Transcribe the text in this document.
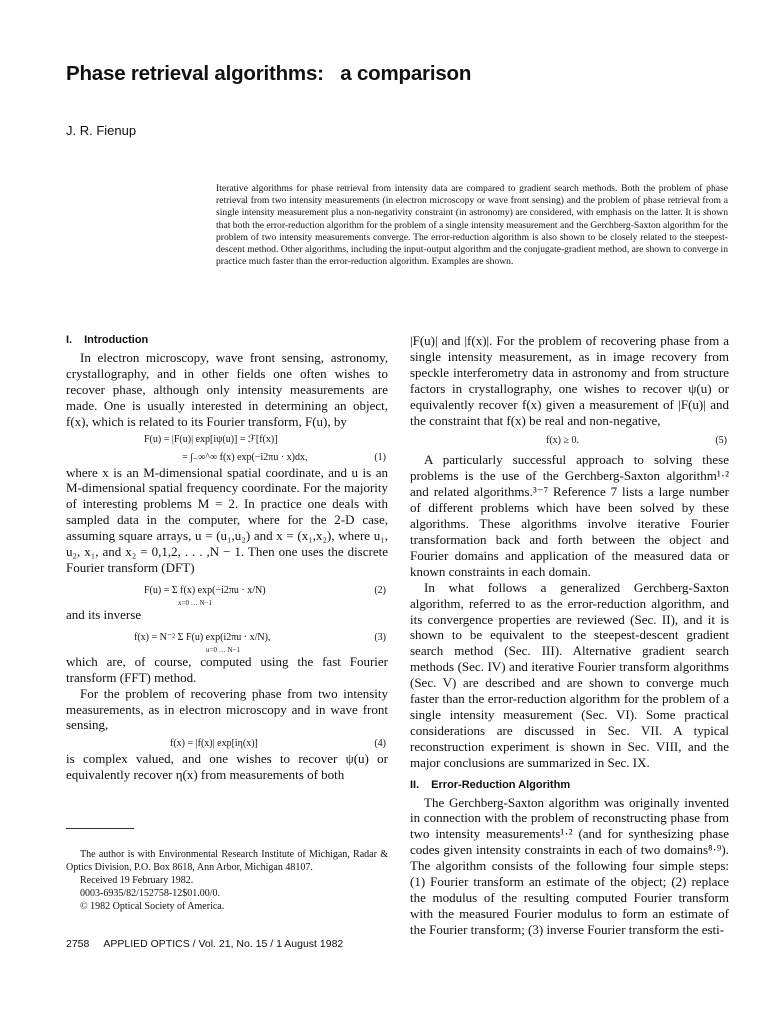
Phase retrieval algorithms:   a comparison
J. R. Fienup
Iterative algorithms for phase retrieval from intensity data are compared to gradient search methods. Both the problem of phase retrieval from two intensity measurements (in electron microscopy or wave front sensing) and the problem of phase retrieval from a single intensity measurement plus a non-negativity constraint (in astronomy) are considered, with emphasis on the latter. It is shown that both the error-reduction algorithm for the problem of a single intensity measurement and the Gerchberg-Saxton algorithm for the problem of two intensity measurements converge. The error-reduction algorithm is also shown to be closely related to the steepest-descent method. Other algorithms, including the input-output algorithm and the conjugate-gradient method, are shown to converge in practice much faster than the error-reduction algorithm. Examples are shown.
I. Introduction

In electron microscopy, wave front sensing, astronomy, crystallography, and in other fields one often wishes to recover phase, although only intensity measurements are made. One is usually interested in determining an object, f(x), which is related to its Fourier transform, F(u), by

F(u) = |F(u)| exp[iψ(u)] = ℱ[f(x)]
= ∫₋∞^∞ f(x) exp(−i2πu · x)dx,	(1)

where x is an M-dimensional spatial coordinate, and u is an M-dimensional spatial frequency coordinate. For the majority of interesting problems M = 2. In practice one deals with sampled data in the computer, where for the 2-D case, assuming square arrays, u = (u₁,u₂) and x = (x₁,x₂), where u₁, u₂, x₁, and x₂ = 0,1,2, . . . ,N − 1. Then one uses the discrete Fourier transform (DFT)

F(u) = Σ f(x) exp(−i2πu · x/N)	(2)
x=0 … N−1

and its inverse

f(x) = N⁻² Σ F(u) exp(i2πu · x/N),	(3)
u=0 … N−1

which are, of course, computed using the fast Fourier transform (FFT) method.

For the problem of recovering phase from two intensity measurements, as in electron microscopy and in wave front sensing,

f(x) = |f(x)| exp[iη(x)]	(4)

is complex valued, and one wishes to recover ψ(u) or equivalently recover η(x) from measurements of both

|F(u)| and |f(x)|. For the problem of recovering phase from a single intensity measurement, as in image recovery from speckle interferometry data in astronomy and from structure factors in crystallography, one wishes to recover ψ(u) or equivalently recover f(x) given a measurement of |F(u)| and the constraint that f(x) be real and non-negative,

f(x) ≥ 0.	(5)

A particularly successful approach to solving these problems is the use of the Gerchberg-Saxton algorithm¹·² and related algorithms.³⁻⁷ Reference 7 lists a large number of different problems which have been solved by these algorithms. These algorithms involve iterative Fourier transformation back and forth between the object and Fourier domains and application of the measured data or known constraints in each domain.

In what follows a generalized Gerchberg-Saxton algorithm, referred to as the error-reduction algorithm, and its convergence properties are reviewed (Sec. II), and it is shown to be equivalent to the steepest-descent gradient search method (Sec. III). Alternative gradient search methods (Sec. IV) and iterative Fourier transform algorithms (Sec. V) are described and are shown to converge much faster than the error-reduction algorithm for the problem of a single intensity measurement (Sec. VI). Some practical considerations are discussed in Sec. VII. A typical reconstruction experiment is shown in Sec. VIII, and the major conclusions are summarized in Sec. IX.

II. Error-Reduction Algorithm

The Gerchberg-Saxton algorithm was originally invented in connection with the problem of reconstructing phase from two intensity measurements¹·² (and for synthesizing phase codes given intensity constraints in each of two domains⁸·⁹). The algorithm consists of the following four simple steps: (1) Fourier transform an estimate of the object; (2) replace the modulus of the resulting computed Fourier transform with the measured Fourier modulus to form an estimate of the Fourier transform; (3) inverse Fourier transform the esti-

The author is with Environmental Research Institute of Michigan, Radar & Optics Division, P.O. Box 8618, Ann Arbor, Michigan 48107.

Received 19 February 1982.

0003-6935/82/152758-12$01.00/0.

© 1982 Optical Society of America.

2758     APPLIED OPTICS / Vol. 21, No. 15 / 1 August 1982
